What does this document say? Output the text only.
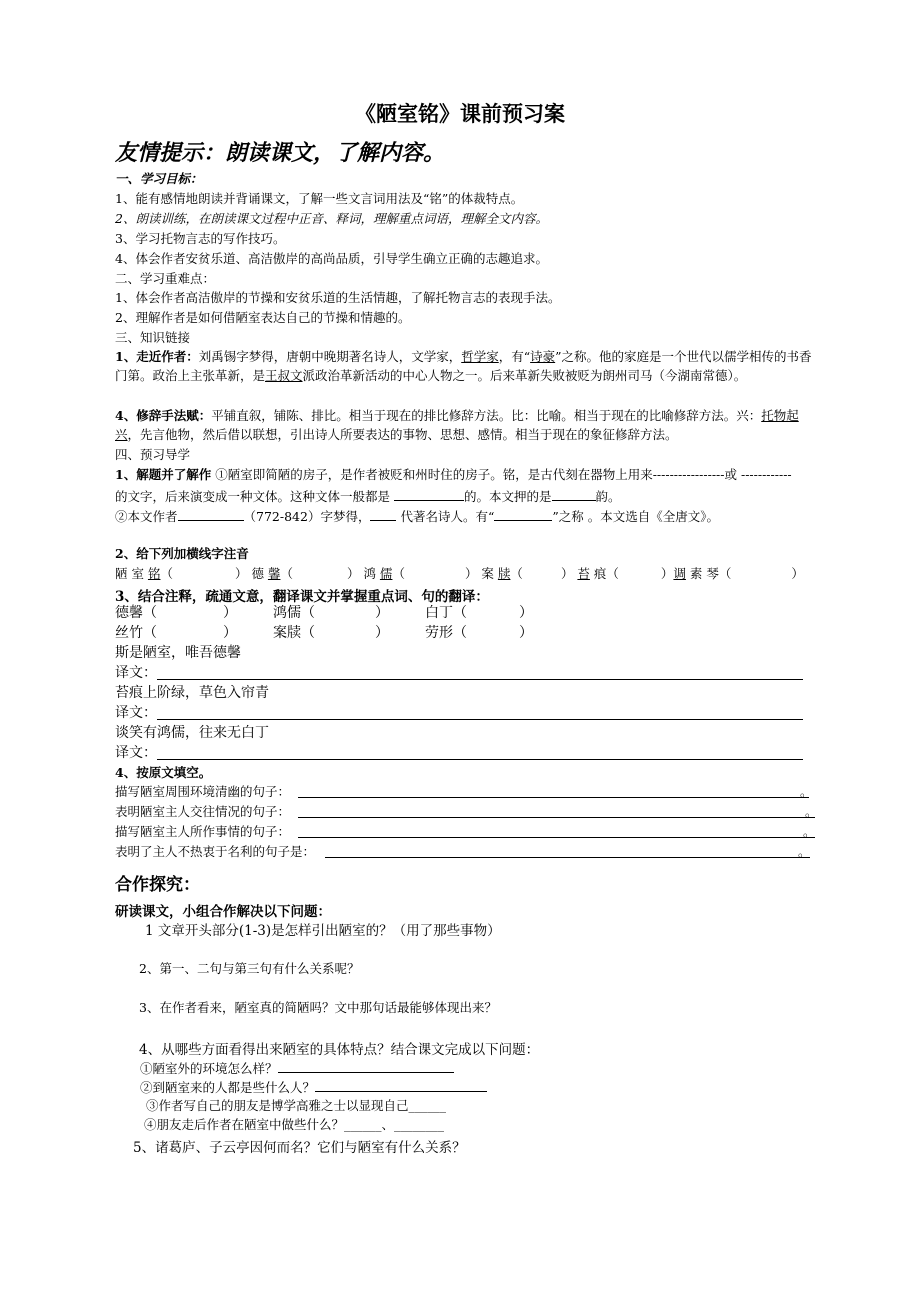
《陋室铭》课前预习案
友情提示：朗读课文，了解内容。
一、学习目标：
1、能有感情地朗读并背诵课文，了解一些文言词用法及“铭”的体裁特点。
2、朗读训练，在朗读课文过程中正音、释词，理解重点词语，理解全文内容。
3、学习托物言志的写作技巧。
4、体会作者安贫乐道、高洁傲岸的高尚品质，引导学生确立正确的志趣追求。
二、学习重难点：
1、体会作者高洁傲岸的节操和安贫乐道的生活情趣，了解托物言志的表现手法。
2、理解作者是如何借陋室表达自己的节操和情趣的。
三、知识链接
1、走近作者：刘禹锡字梦得，唐朝中晚期著名诗人，文学家，哲学家，有“诗豪”之称。他的家庭是一个世代以儒学相传的书香门第。政治上主张革新，是王叔文派政治革新活动的中心人物之一。后来革新失败被贬为朗州司马（今湖南常德）。
4、修辞手法赋：平铺直叙，铺陈、排比。相当于现在的排比修辞方法。比：比喻。相当于现在的比喻修辞方法。兴：托物起兴，先言他物，然后借以联想，引出诗人所要表达的事物、思想、感情。相当于现在的象征修辞方法。
四、预习导学
1、解题并了解作 ①陋室即简陋的房子，是作者被贬和州时住的房子。铭，是古代刻在器物上用来-----------------或 ------------
的文字，后来演变成一种文体。这种文体一般都是	的。本文押的是	韵。
②本文作者	（772-842）字梦得， 代著名诗人。有“	”之称 。本文选自《全唐文》。
2、给下列加横线字注音
陋 室 铭（	） 德 馨（	） 鸿 儒（	） 案 牍（	） 苔 痕（	）调 素 琴（	）
3、结合注释，疏通文意，翻译课文并掌握重点词、句的翻译：
德馨（	）	鸿儒（	）	白丁（	）
丝竹（	）	案牍（	）	劳形（	）
斯是陋室，唯吾德馨
译文：
苔痕上阶绿，草色入帘青
译文：
谈笑有鸿儒，往来无白丁
译文：
4、按原文填空。
描写陋室周围环境清幽的句子：	。
表明陋室主人交往情况的句子：	。
描写陋室主人所作事情的句子：	。
表明了主人不热衷于名利的句子是：	。
合作探究：
研读课文，小组合作解决以下问题：
1 文章开头部分(1-3)是怎样引出陋室的？（用了那些事物）
2、第一、二句与第三句有什么关系呢？
3、在作者看来，陋室真的简陋吗？文中那句话最能够体现出来？
4、从哪些方面看得出来陋室的具体特点？结合课文完成以下问题：
①陋室外的环境怎么样？
②到陋室来的人都是些什么人？
③作者写自己的朋友是博学高雅之士以显现自己______
④朋友走后作者在陋室中做些什么？______、________
5、诸葛庐、子云亭因何而名？它们与陋室有什么关系？
